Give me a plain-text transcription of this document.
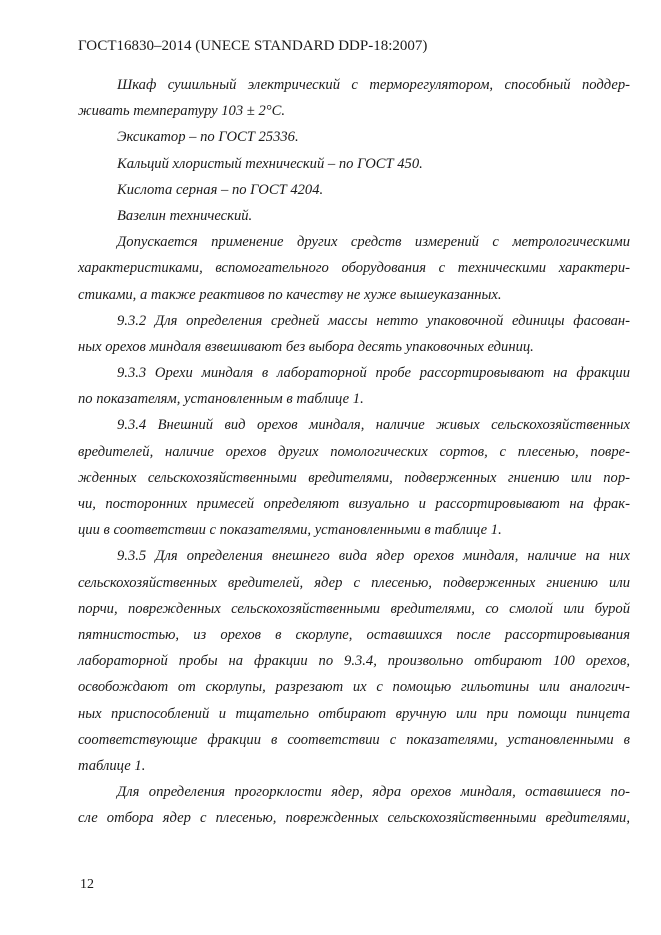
ГОСТ16830–2014 (UNECE STANDARD DDP-18:2007)
Шкаф сушильный электрический с терморегулятором, способный поддер-
живать температуру 103 ± 2°С.
Эксикатор – по ГОСТ 25336.
Кальций хлористый технический – по ГОСТ 450.
Кислота серная – по ГОСТ 4204.
Вазелин технический.
Допускается применение других средств измерений с метрологическими
характеристиками, вспомогательного оборудования с техническими характери-
стиками, а также реактивов по качеству не хуже вышеуказанных.
9.3.2 Для определения средней массы нетто упаковочной единицы фасован-
ных орехов миндаля взвешивают без выбора десять упаковочных единиц.
9.3.3 Орехи миндаля в лабораторной пробе рассортировывают на фракции
по показателям, установленным в таблице 1.
9.3.4 Внешний вид орехов миндаля, наличие живых сельскохозяйственных
вредителей, наличие орехов других помологических сортов, с плесенью, повре-
жденных сельскохозяйственными вредителями, подверженных гниению или пор-
чи, посторонних примесей определяют визуально и рассортировывают на фрак-
ции в соответствии с показателями, установленными в таблице 1.
9.3.5 Для определения внешнего вида ядер орехов миндаля, наличие на них
сельскохозяйственных вредителей, ядер с плесенью, подверженных гниению или
порчи, поврежденных сельскохозяйственными вредителями, со смолой или бурой
пятнистостью, из орехов в скорлупе, оставшихся после рассортировывания
лабораторной пробы на фракции по 9.3.4, произвольно отбирают 100 орехов,
освобождают от скорлупы, разрезают их с помощью гильотины или аналогич-
ных приспособлений и тщательно отбирают вручную или при помощи пинцета
соответствующие фракции в соответствии с показателями, установленными в
таблице 1.
Для определения прогорклости ядер, ядра орехов миндаля, оставшиеся по-
сле отбора ядер с плесенью, поврежденных сельскохозяйственными вредителями,
12
